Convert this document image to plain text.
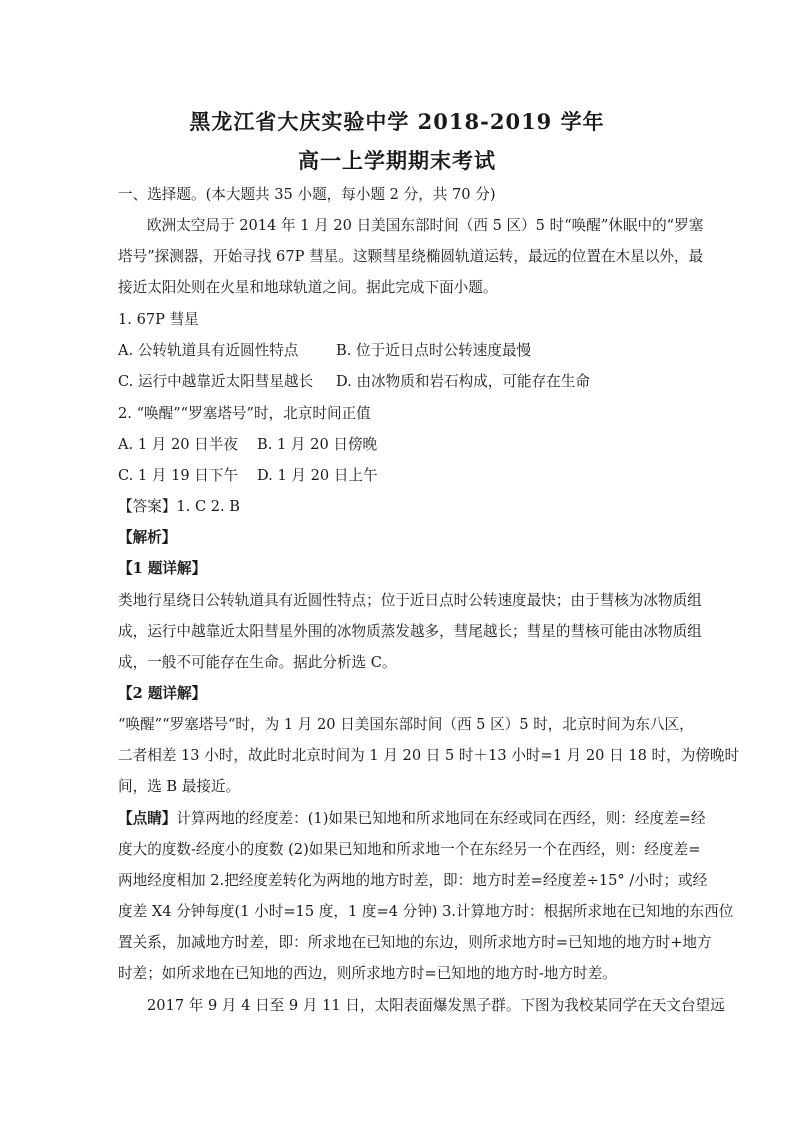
黑龙江省大庆实验中学 2018-2019 学年
高一上学期期末考试
一、选择题。(本大题共 35 小题，每小题 2 分，共 70 分)
欧洲太空局于 2014 年 1 月 20 日美国东部时间（西 5 区）5 时“唤醒”休眠中的“罗塞
塔号”探测器，开始寻找 67P 彗星。这颗彗星绕椭圆轨道运转，最远的位置在木星以外，最
接近太阳处则在火星和地球轨道之间。据此完成下面小题。
1. 67P 彗星
A. 公转轨道具有近圆性特点	B. 位于近日点时公转速度最慢
C. 运行中越靠近太阳彗星越长 D. 由冰物质和岩石构成，可能存在生命
2. “唤醒”“罗塞塔号”时，北京时间正值
A. 1 月 20 日半夜 B. 1 月 20 日傍晚
C. 1 月 19 日下午 D. 1 月 20 日上午
【答案】1. C 2. B
【解析】
【1 题详解】
类地行星绕日公转轨道具有近圆性特点；位于近日点时公转速度最快；由于彗核为冰物质组
成，运行中越靠近太阳彗星外围的冰物质蒸发越多，彗尾越长；彗星的彗核可能由冰物质组
成，一般不可能存在生命。据此分析选 C。
【2 题详解】
“唤醒”“罗塞塔号“时，为 1 月 20 日美国东部时间（西 5 区）5 时，北京时间为东八区，
二者相差 13 小时，故此时北京时间为 1 月 20 日 5 时＋13 小时=1 月 20 日 18 时，为傍晚时
间，选 B 最接近。
【点睛】计算两地的经度差：(1)如果已知地和所求地同在东经或同在西经，则：经度差=经
度大的度数-经度小的度数 (2)如果已知地和所求地一个在东经另一个在西经，则：经度差=
两地经度相加 2.把经度差转化为两地的地方时差，即：地方时差=经度差÷15° /小时；或经
度差 X4 分钟每度(1 小时=15 度，1 度=4 分钟) 3.计算地方时：根据所求地在已知地的东西位
置关系，加减地方时差，即：所求地在已知地的东边，则所求地方时=已知地的地方时+地方
时差；如所求地在已知地的西边，则所求地方时=已知地的地方时-地方时差。
2017 年 9 月 4 日至 9 月 11 日，太阳表面爆发黑子群。下图为我校某同学在天文台望远
